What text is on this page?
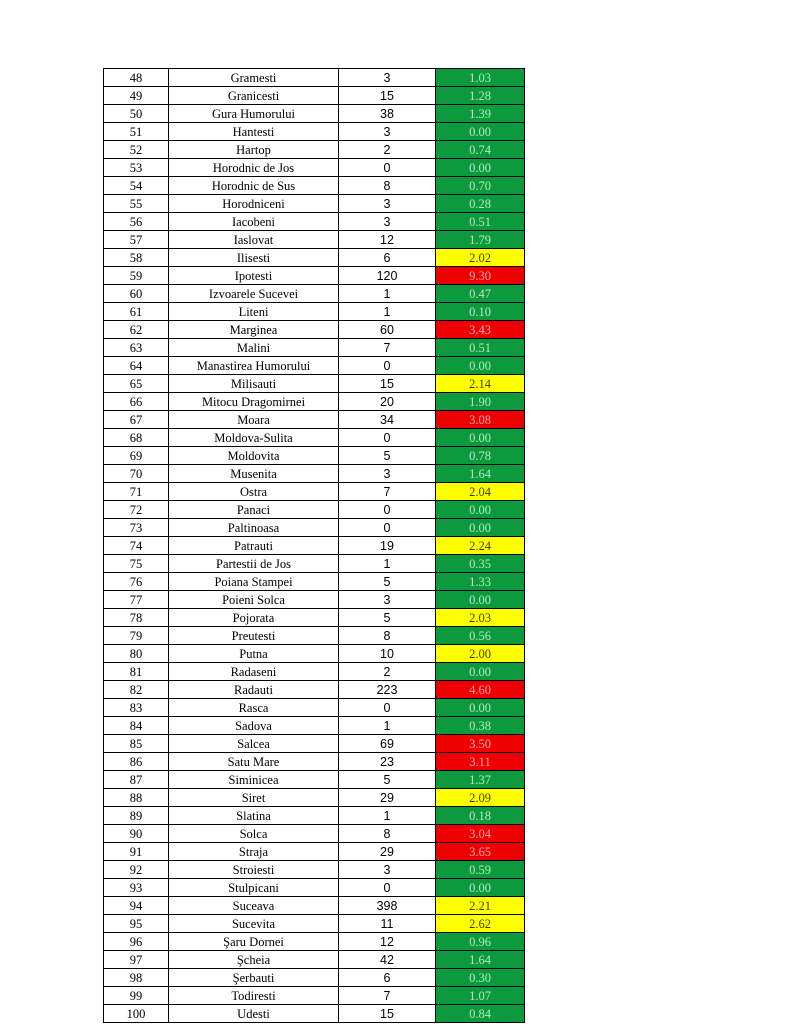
48	Gramesti	3	1.03
49	Granicesti	15	1.28
50	Gura Humorului	38	1.39
51	Hantesti	3	0.00
52	Hartop	2	0.74
53	Horodnic de Jos	0	0.00
54	Horodnic de Sus	8	0.70
55	Horodniceni	3	0.28
56	Iacobeni	3	0.51
57	Iaslovat	12	1.79
58	Ilisesti	6	2.02
59	Ipotesti	120	9.30
60	Izvoarele Sucevei	1	0.47
61	Liteni	1	0.10
62	Marginea	60	3.43
63	Malini	7	0.51
64	Manastirea Humorului	0	0.00
65	Milisauti	15	2.14
66	Mitocu Dragomirnei	20	1.90
67	Moara	34	3.08
68	Moldova-Sulita	0	0.00
69	Moldovita	5	0.78
70	Musenita	3	1.64
71	Ostra	7	2.04
72	Panaci	0	0.00
73	Paltinoasa	0	0.00
74	Patrauti	19	2.24
75	Partestii de Jos	1	0.35
76	Poiana Stampei	5	1.33
77	Poieni Solca	3	0.00
78	Pojorata	5	2.03
79	Preutesti	8	0.56
80	Putna	10	2.00
81	Radaseni	2	0.00
82	Radauti	223	4.60
83	Rasca	0	0.00
84	Sadova	1	0.38
85	Salcea	69	3.50
86	Satu Mare	23	3.11
87	Siminicea	5	1.37
88	Siret	29	2.09
89	Slatina	1	0.18
90	Solca	8	3.04
91	Straja	29	3.65
92	Stroiesti	3	0.59
93	Stulpicani	0	0.00
94	Suceava	398	2.21
95	Sucevita	11	2.62
96	Şaru Dornei	12	0.96
97	Şcheia	42	1.64
98	Şerbauti	6	0.30
99	Todiresti	7	1.07
100	Udesti	15	0.84
